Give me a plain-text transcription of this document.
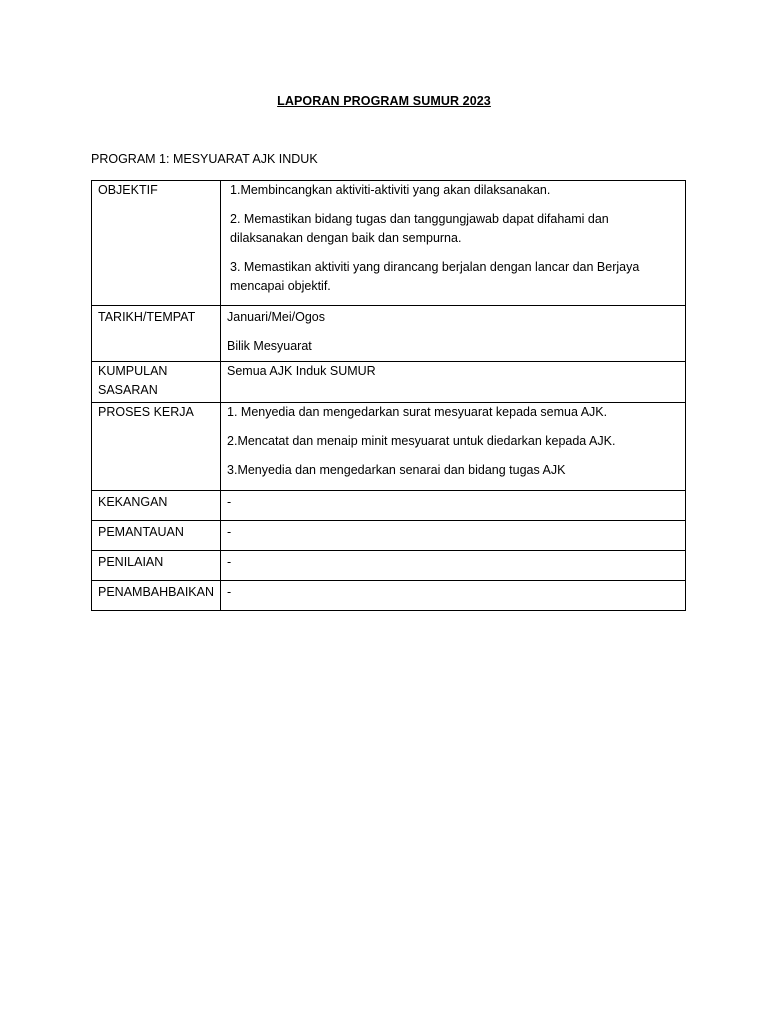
LAPORAN PROGRAM SUMUR 2023
PROGRAM 1: MESYUARAT AJK INDUK
OBJEKTIF	1.Membincangkan aktiviti-aktiviti yang akan dilaksanakan.

2. Memastikan bidang tugas dan tanggungjawab dapat difahami dan dilaksanakan dengan baik dan sempurna.

3. Memastikan aktiviti yang dirancang berjalan dengan lancar dan Berjaya mencapai objektif.

TARIKH/TEMPAT	Januari/Mei/Ogos

Bilik Mesyuarat

KUMPULAN SASARAN	Semua AJK Induk SUMUR
PROSES KERJA	1. Menyedia dan mengedarkan surat mesyuarat kepada semua AJK.

2.Mencatat dan menaip minit mesyuarat untuk diedarkan kepada AJK.

3.Menyedia dan mengedarkan senarai dan bidang tugas AJK

KEKANGAN	-
PEMANTAUAN	-
PENILAIAN	-
PENAMBAHBAIKAN	-
